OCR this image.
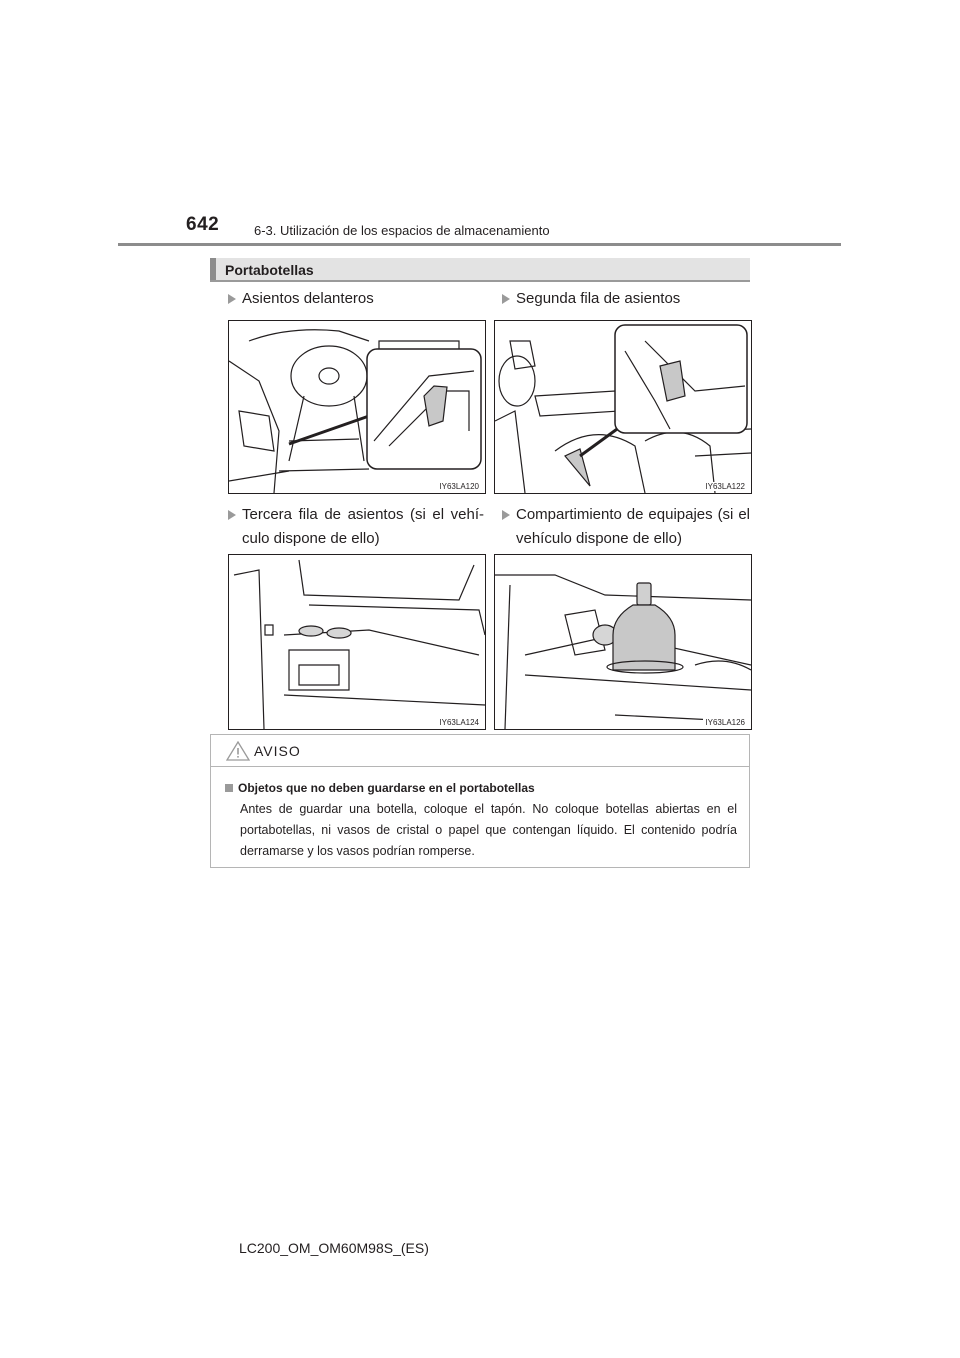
642	6-3. Utilización de los espacios de almacenamiento
Portabotellas
Asientos delanteros	Segunda fila de asientos
Tercera fila de asientos (si el vehí-culo dispone de ello)
Compartimiento de equipajes (si el vehículo dispone de ello)
IY63LA120	IY63LA122
IY63LA124	IY63LA126
AVISO
Objetos que no deben guardarse en el portabotellas
Antes de guardar una botella, coloque el tapón. No coloque botellas abiertas en el portabotellas, ni vasos de cristal o papel que contengan líquido. El contenido podría derramarse y los vasos podrían romperse.
LC200_OM_OM60M98S_(ES)
